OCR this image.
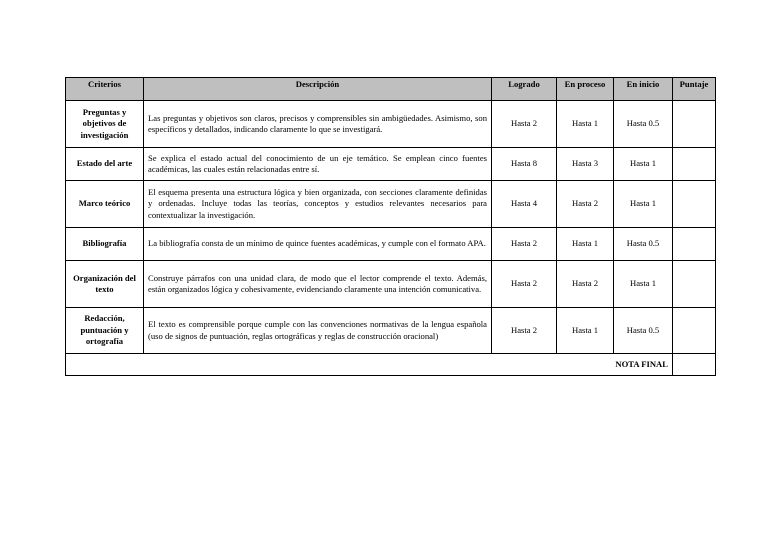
Criterios	Descripción	Logrado	En proceso	En inicio	Puntaje
Preguntas y objetivos de investigación	Las preguntas y objetivos son claros, precisos y comprensibles sin ambigüedades. Asimismo, son específicos y detallados, indicando claramente lo que se investigará.	Hasta 2	Hasta 1	Hasta 0.5	
Estado del arte	Se explica el estado actual del conocimiento de un eje temático. Se emplean cinco fuentes académicas, las cuales están relacionadas entre sí.	Hasta 8	Hasta 3	Hasta 1	
Marco teórico	El esquema presenta una estructura lógica y bien organizada, con secciones claramente definidas y ordenadas. Incluye todas las teorías, conceptos y estudios relevantes necesarios para contextualizar la investigación.	Hasta 4	Hasta 2	Hasta 1	
Bibliografía	La bibliografía consta de un mínimo de quince fuentes académicas, y cumple con el formato APA.	Hasta 2	Hasta 1	Hasta 0.5	
Organización del texto	Construye párrafos con una unidad clara, de modo que el lector comprende el texto. Además, están organizados lógica y cohesivamente, evidenciando claramente una intención comunicativa.	Hasta 2	Hasta 2	Hasta 1	
Redacción, puntuación y ortografía	El texto es comprensible porque cumple con las convenciones normativas de la lengua española (uso de signos de puntuación, reglas ortográficas y reglas de construcción oracional)	Hasta 2	Hasta 1	Hasta 0.5	
NOTA FINAL					
